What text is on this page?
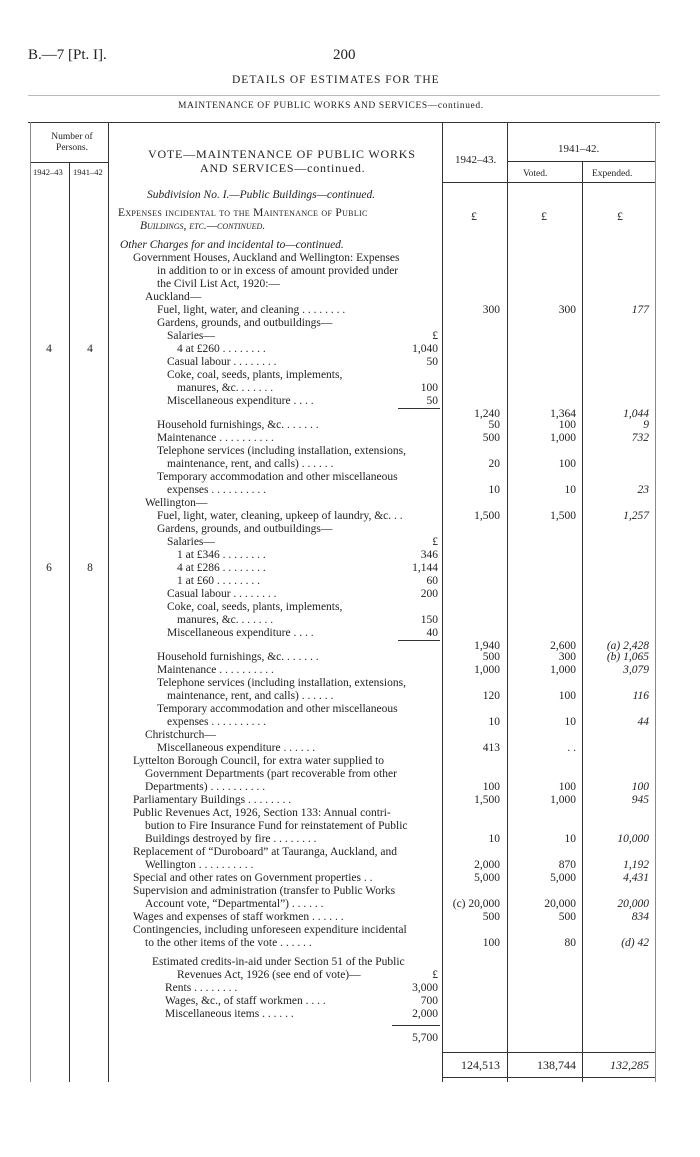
B.—7 [Pt. I].	200
DETAILS OF ESTIMATES FOR THE
MAINTENANCE OF PUBLIC WORKS AND SERVICES—continued.
Number of Persons.
1942–43 1941–42
VOTE—MAINTENANCE OF PUBLIC WORKS
AND SERVICES—continued.
1942–43.
1941–42.
Voted.	Expended.
£	£	£
Subdivision No. I.—Public Buildings—continued.
Expenses incidental to the Maintenance of Public
Buildings, etc.—continued.
Other Charges for and incidental to—continued.
Government Houses, Auckland and Wellington: Expenses
in addition to or in excess of amount provided under
the Civil List Act, 1920:—
Auckland—
Fuel, light, water, and cleaning . . . . . . . .	300	300	177
Gardens, grounds, and outbuildings—
Salaries—	£
4 at £260 . . . . . . . .	1,040
4	4
Casual labour . . . . . . . .	50
Coke, coal, seeds, plants, implements,
manures, &c. . . . . . .	100
Miscellaneous expenditure . . . .	50
1,240	1,364	1,044
Household furnishings, &c. . . . . . .	50	100	9
Maintenance . . . . . . . . . .	500	1,000	732
Telephone services (including installation, extensions,
maintenance, rent, and calls) . . . . . .	20	100
Temporary accommodation and other miscellaneous
expenses . . . . . . . . . .	10	10	23
Wellington—
Fuel, light, water, cleaning, upkeep of laundry, &c. . .	1,500	1,500	1,257
Gardens, grounds, and outbuildings—
Salaries—	£
1 at £346 . . . . . . . .	346
4 at £286 . . . . . . . .	1,144
6	8
1 at £60 . . . . . . . .	60
Casual labour . . . . . . . .	200
Coke, coal, seeds, plants, implements,
manures, &c. . . . . . .	150
Miscellaneous expenditure . . . .	40
1,940	2,600	(a) 2,428
Household furnishings, &c. . . . . . .	500	300	(b) 1,065
Maintenance . . . . . . . . . .	1,000	1,000	3,079
Telephone services (including installation, extensions,
maintenance, rent, and calls) . . . . . .	120	100	116
Temporary accommodation and other miscellaneous
expenses . . . . . . . . . .	10	10	44
Christchurch—
Miscellaneous expenditure . . . . . .	413	. .
Lyttelton Borough Council, for extra water supplied to
Government Departments (part recoverable from other
Departments) . . . . . . . . . .	100	100	100
Parliamentary Buildings . . . . . . . .	1,500	1,000	945
Public Revenues Act, 1926, Section 133: Annual contri-
bution to Fire Insurance Fund for reinstatement of Public
Buildings destroyed by fire . . . . . . . .	10	10	10,000
Replacement of “Duroboard” at Tauranga, Auckland, and
Wellington . . . . . . . . . .	2,000	870	1,192
Special and other rates on Government properties . .	5,000	5,000	4,431
Supervision and administration (transfer to Public Works
Account vote, “Departmental”) . . . . . .	(c) 20,000	20,000	20,000
Wages and expenses of staff workmen . . . . . .	500	500	834
Contingencies, including unforeseen expenditure incidental
to the other items of the vote . . . . . .	100	80	(d) 42
Estimated credits-in-aid under Section 51 of the Public
Revenues Act, 1926 (see end of vote)—	£
Rents . . . . . . . .	3,000
Wages, &c., of staff workmen . . . .	700
Miscellaneous items . . . . . .	2,000
5,700
124,513	138,744	132,285
